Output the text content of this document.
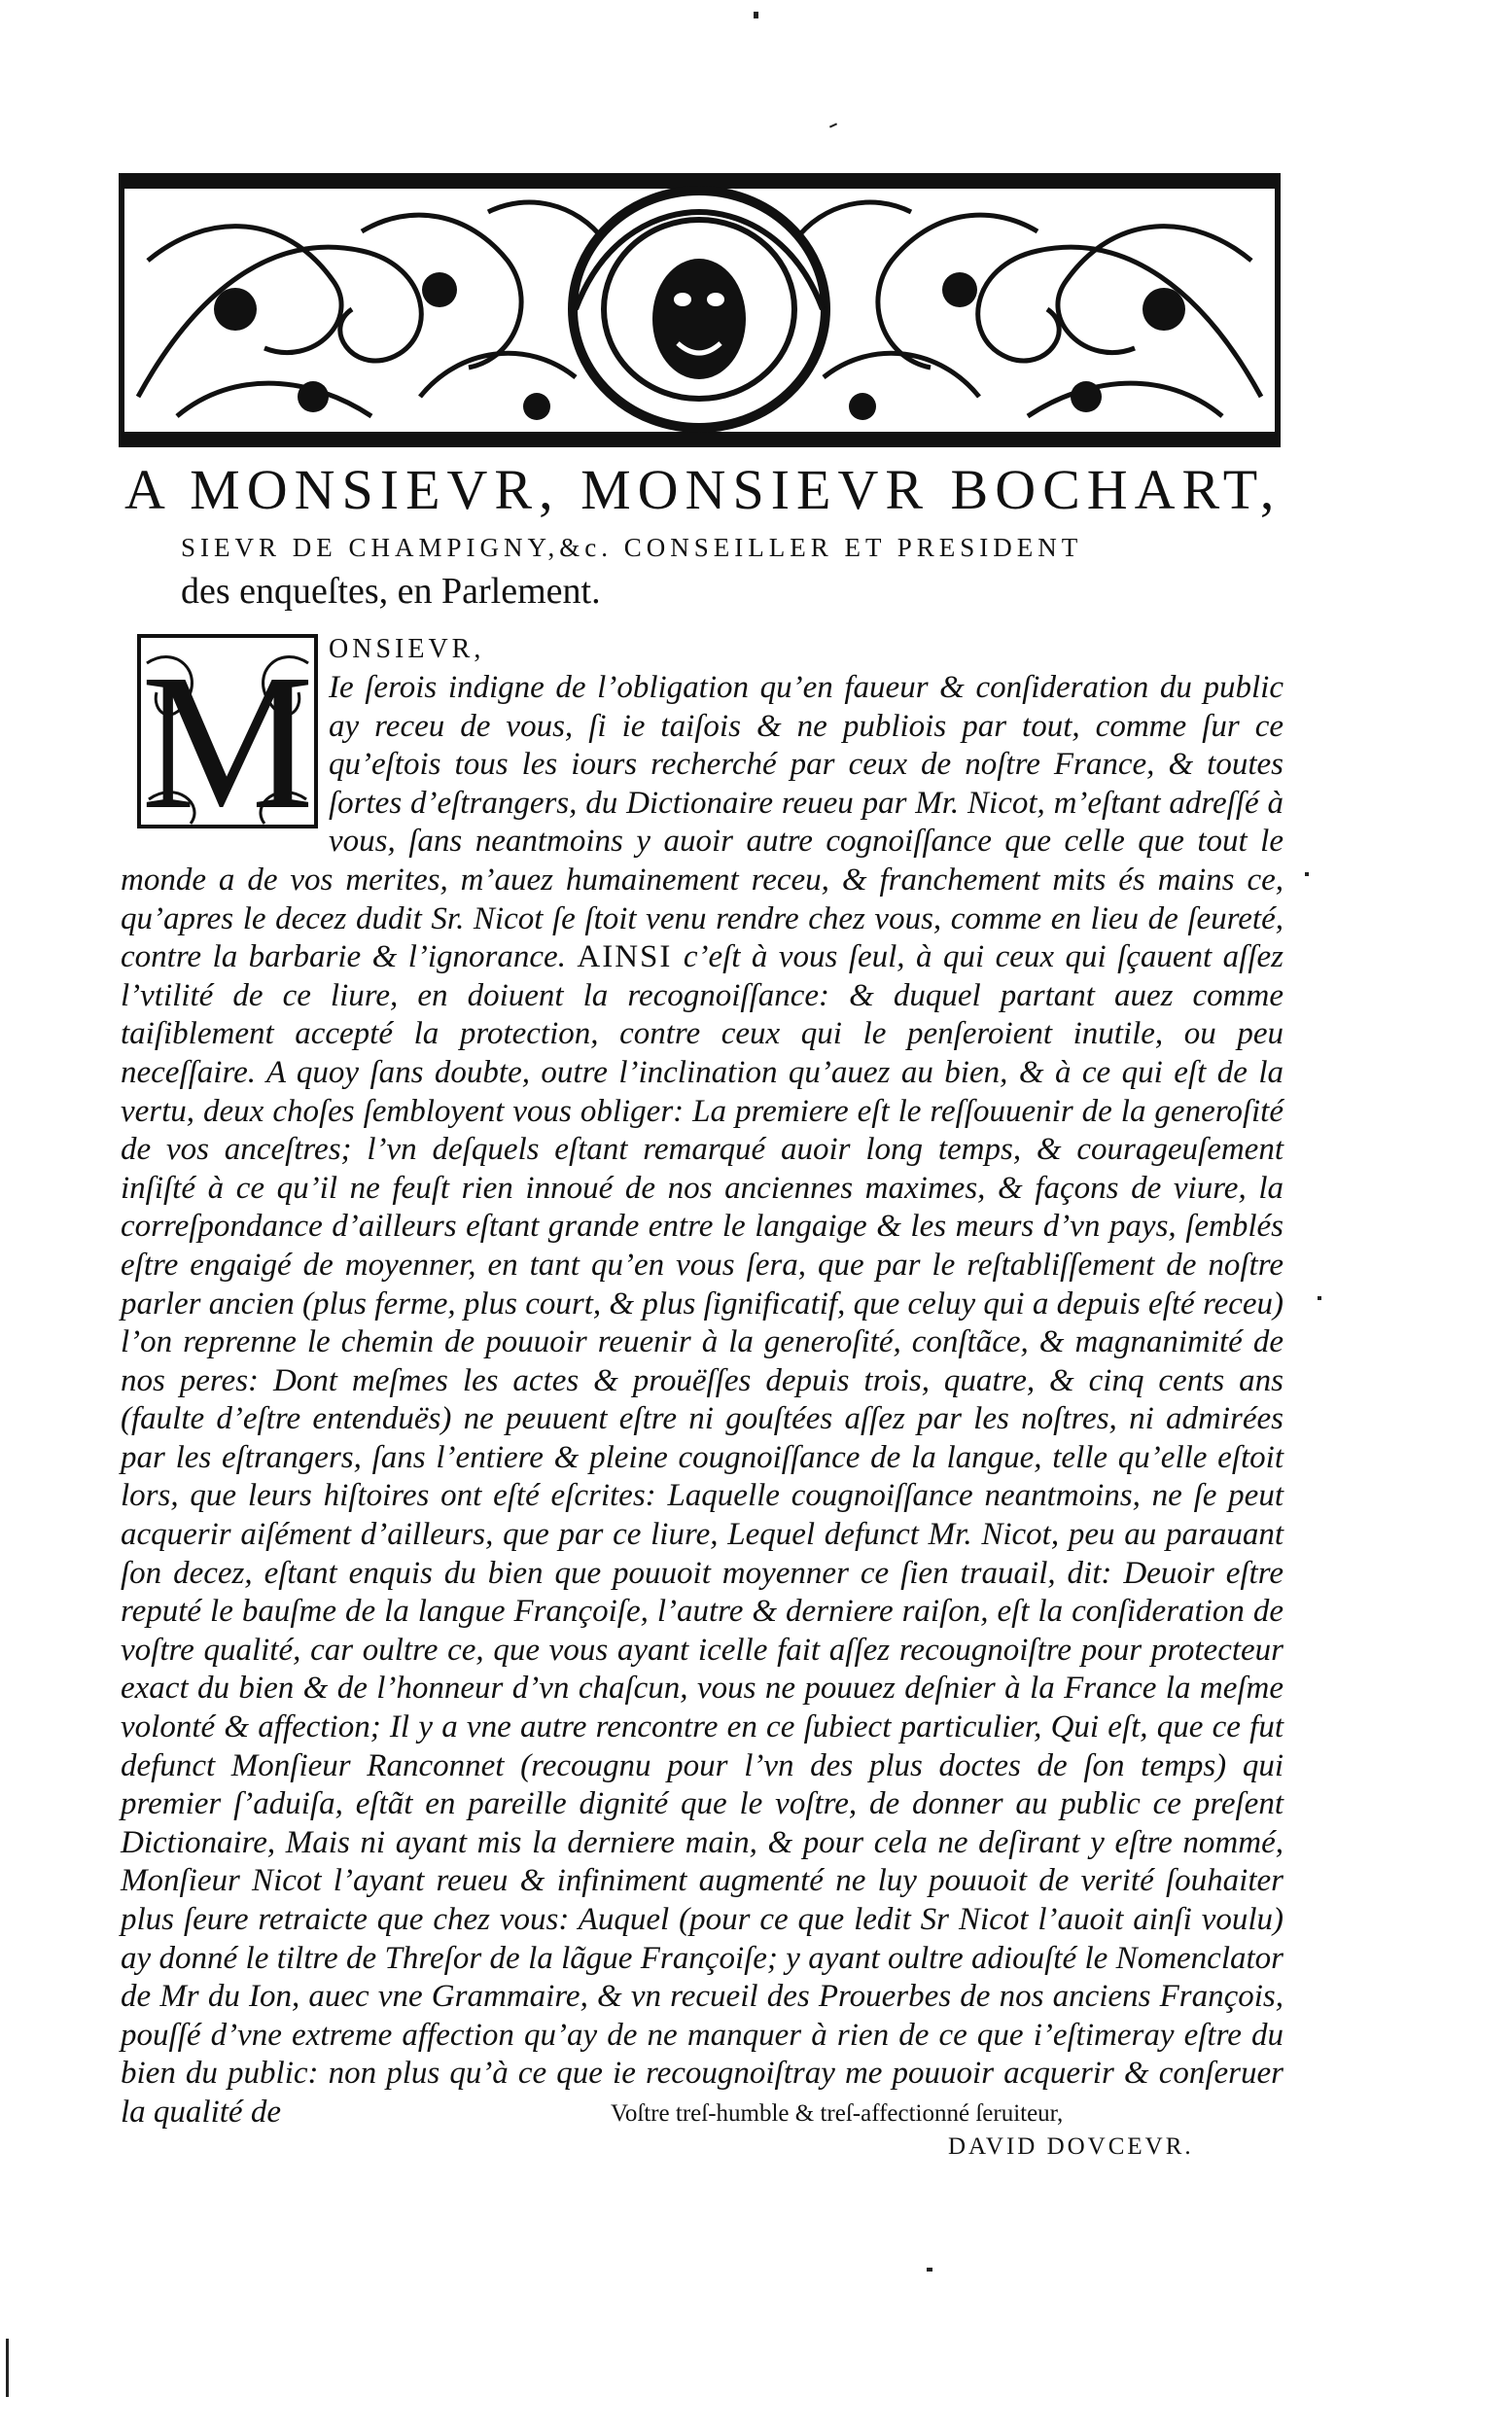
A MONSIEVR, MONSIEVR BOCHART,
SIEVR DE CHAMPIGNY,&c. CONSEILLER ET PRESIDENT
des enqueſtes, en Parlement.
M ONSIEVR,
Ie ſerois indigne de l’obligation qu’en faueur & conſideration du public ay receu de vous, ſi ie taiſois & ne publiois par tout, comme ſur ce qu’eſtois tous les iours recherché par ceux de noſtre France, & toutes ſortes d’eſtrangers, du Dictionaire reueu par Mr. Nicot, m’eſtant adreſſé à vous, ſans neantmoins y auoir autre cognoiſſance que celle que tout le monde a de vos merites, m’auez humainement receu, & franchement mits és mains ce, qu’apres le decez dudit Sr. Nicot ſe ſtoit venu rendre chez vous, comme en lieu de ſeureté, contre la barbarie & l’ignorance. AINSI c’eſt à vous ſeul, à qui ceux qui ſçauent aſſez l’vtilité de ce liure, en doiuent la recognoiſſance: & duquel partant auez comme taiſiblement accepté la protection, contre ceux qui le penſeroient inutile, ou peu neceſſaire. A quoy ſans doubte, outre l’inclination qu’auez au bien, & à ce qui eſt de la vertu, deux choſes ſembloyent vous obliger: La premiere eſt le reſſouuenir de la generoſité de vos anceſtres; l’vn deſquels eſtant remarqué auoir long temps, & courageuſement inſiſté à ce qu’il ne feuſt rien innoué de nos anciennes maximes, & façons de viure, la correſpondance d’ailleurs eſtant grande entre le langaige & les meurs d’vn pays, ſemblés eſtre engaigé de moyenner, en tant qu’en vous ſera, que par le reſtabliſſement de noſtre parler ancien (plus ferme, plus court, & plus ſignificatif, que celuy qui a depuis eſté receu) l’on reprenne le chemin de pouuoir reuenir à la generoſité, conſtãce, & magnanimité de nos peres: Dont meſmes les actes & prouëſſes depuis trois, quatre, & cinq cents ans (faulte d’eſtre entenduës) ne peuuent eſtre ni gouſtées aſſez par les noſtres, ni admirées par les eſtrangers, ſans l’entiere & pleine cougnoiſſance de la langue, telle qu’elle eſtoit lors, que leurs hiſtoires ont eſté eſcrites: Laquelle cougnoiſſance neantmoins, ne ſe peut acquerir aiſément d’ailleurs, que par ce liure, Lequel defunct Mr. Nicot, peu au parauant ſon decez, eſtant enquis du bien que pouuoit moyenner ce ſien trauail, dit: Deuoir eſtre reputé le bauſme de la langue Françoiſe, l’autre & derniere raiſon, eſt la conſideration de voſtre qualité, car oultre ce, que vous ayant icelle fait aſſez recougnoiſtre pour protecteur exact du bien & de l’honneur d’vn chaſcun, vous ne pouuez deſnier à la France la meſme volonté & affection; Il y a vne autre rencontre en ce ſubiect particulier, Qui eſt, que ce fut defunct Monſieur Ranconnet (recougnu pour l’vn des plus doctes de ſon temps) qui premier ſ’aduiſa, eſtãt en pareille dignité que le voſtre, de donner au public ce preſent Dictionaire, Mais ni ayant mis la derniere main, & pour cela ne deſirant y eſtre nommé, Monſieur Nicot l’ayant reueu & infiniment augmenté ne luy pouuoit de verité ſouhaiter plus ſeure retraicte que chez vous: Auquel (pour ce que ledit Sr Nicot l’auoit ainſi voulu) ay donné le tiltre de Threſor de la lãgue Françoiſe; y ayant oultre adiouſté le Nomenclator de Mr du Ion, auec vne Grammaire, & vn recueil des Prouerbes de nos anciens François, pouſſé d’vne extreme affection qu’ay de ne manquer à rien de ce que i’eſtimeray eſtre du bien du public: non plus qu’à ce que ie recougnoiſtray me pouuoir acquerir & conſeruer la qualité de	Voſtre treſ-humble & treſ-affectionné ſeruiteur,
DAVID DOVCEVR.
